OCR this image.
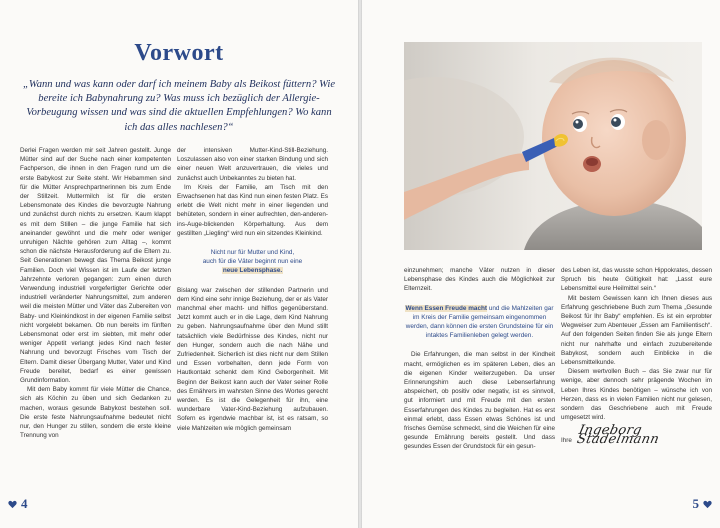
Vorwort
„Wann und was kann oder darf ich meinem Baby als Beikost füttern? Wie bereite ich Babynahrung zu? Was muss ich bezüglich der Allergie-Vorbeugung wissen und was sind die aktuellen Empfehlungen? Wo kann ich das alles nachlesen?“

Derlei Fragen werden mir seit Jahren gestellt. Junge Mütter sind auf der Suche nach einer kompetenten Fachperson, die ihnen in den Fragen rund um die erste Babykost zur Seite steht. Wir Hebammen sind für die Mütter Ansprechpartnerinnen bis zum Ende der Stillzeit. Muttermilch ist für die ersten Lebensmonate des Kindes die bevorzugte Nahrung und zunächst durch nichts zu ersetzen. Kaum klappt es mit dem Stillen – die junge Familie hat sich aneinander gewöhnt und die mehr oder weniger unruhigen Nächte gehören zum Alltag –, kommt schon die nächste Herausforderung auf die Eltern zu. Seit Generationen bewegt das Thema Beikost junge Familien. Doch viel Wissen ist im Laufe der letzten Jahrzehnte verloren gegangen: zum einen durch Verwendung industriell vorgefertigter Gerichte oder industriell veränderter Nahrungsmittel, zum anderen weil die meisten Mütter und Väter das Zubereiten von Baby- und Kleinkindkost in der eigenen Familie selbst nicht vorgelebt bekamen. Ob nun bereits im fünften Lebensmonat oder erst im siebten, mit mehr oder weniger Appetit verlangt jedes Kind nach fester Nahrung und bevorzugt Frisches vom Tisch der Eltern. Damit dieser Übergang Mutter, Vater und Kind Freude bereitet, bedarf es einer gewissen Grundinformation.

Mit dem Baby kommt für viele Mütter die Chance, sich als Köchin zu üben und sich Gedanken zu machen, woraus gesunde Babykost bestehen soll. Die erste feste Nahrungsaufnahme bedeutet nicht nur, den Hunger zu stillen, sondern die erste kleine Trennung von

der intensiven Mutter-Kind-Still-Beziehung. Loszulassen also von einer starken Bindung und sich einer neuen Welt anzuvertrauen, die vieles und zunächst auch Unbekanntes zu bieten hat.

Im Kreis der Familie, am Tisch mit den Erwachsenen hat das Kind nun einen festen Platz. Es erlebt die Welt nicht mehr in einer liegenden und behüteten, sondern in einer aufrechten, den-anderen-ins-Auge-blickenden Körperhaltung. Aus dem gestillten „Liegling“ wird nun ein sitzendes Kleinkind.

Nicht nur für Mutter und Kind,
auch für die Väter beginnt nun eine
neue Lebensphase.

Bislang war zwischen der stillenden Partnerin und dem Kind eine sehr innige Beziehung, der er als Vater manchmal eher macht- und hilflos gegenüberstand. Jetzt kommt auch er in die Lage, dem Kind Nahrung zu geben. Nahrungsaufnahme über den Mund stillt tatsächlich viele Bedürfnisse des Kindes, nicht nur den Hunger, sondern auch die nach Nähe und Zufriedenheit. Sicherlich ist dies nicht nur dem Stillen und Essen vorbehalten, denn jede Form von Hautkontakt schenkt dem Kind Geborgenheit. Mit Beginn der Beikost kann auch der Vater seiner Rolle des Ernährers im wahrsten Sinne des Wortes gerecht werden. Es ist die Gelegenheit für ihn, eine wunderbare Vater-Kind-Beziehung aufzubauen. Sofern es irgendwie machbar ist, ist es ratsam, so viele Mahlzeiten wie möglich gemeinsam

4

einzunehmen; manche Väter nutzen in dieser Lebensphase des Kindes auch die Möglichkeit zur Elternzeit.

Wenn Essen Freude macht und die Mahlzeiten gar im Kreis der Familie gemeinsam eingenommen werden, dann können die ersten Grundsteine für ein intaktes Familienleben gelegt werden.

Die Erfahrungen, die man selbst in der Kindheit macht, ermöglichen es im späteren Leben, dies an die eigenen Kinder weiterzugeben. Da unser Erinnerungshirn auch diese Lebenserfahrung abspeichert, ob positiv oder negativ, ist es sinnvoll, gut informiert und mit Freude mit den ersten Esserfahrungen des Kindes zu begleiten. Hat es erst einmal erlebt, dass Essen etwas Schönes ist und frisches Gemüse schmeckt, sind die Weichen für eine gesunde Ernährung bereits gestellt. Und dass gesundes Essen der Grundstock für ein gesun-

des Leben ist, das wusste schon Hippokrates, dessen Spruch bis heute Gültigkeit hat: „Lasst eure Lebensmittel eure Heilmittel sein.“

Mit bestem Gewissen kann ich Ihnen dieses aus Erfahrung geschriebene Buch zum Thema „Gesunde Beikost für Ihr Baby“ empfehlen. Es ist ein erprobter Wegweiser zum Abenteuer „Essen am Familientisch“. Auf den folgenden Seiten finden Sie als junge Eltern nicht nur nahrhafte und einfach zuzubereitende Babykost, sondern auch Einblicke in die Lebensmittelkunde.

Diesem wertvollen Buch – das Sie zwar nur für wenige, aber dennoch sehr prägende Wochen im Leben Ihres Kindes benötigen – wünsche ich von Herzen, dass es in vielen Familien nicht nur gelesen, sondern das Geschriebene auch mit Freude umgesetzt wird.

Ihre
Ingeborg Stadelmann
5
